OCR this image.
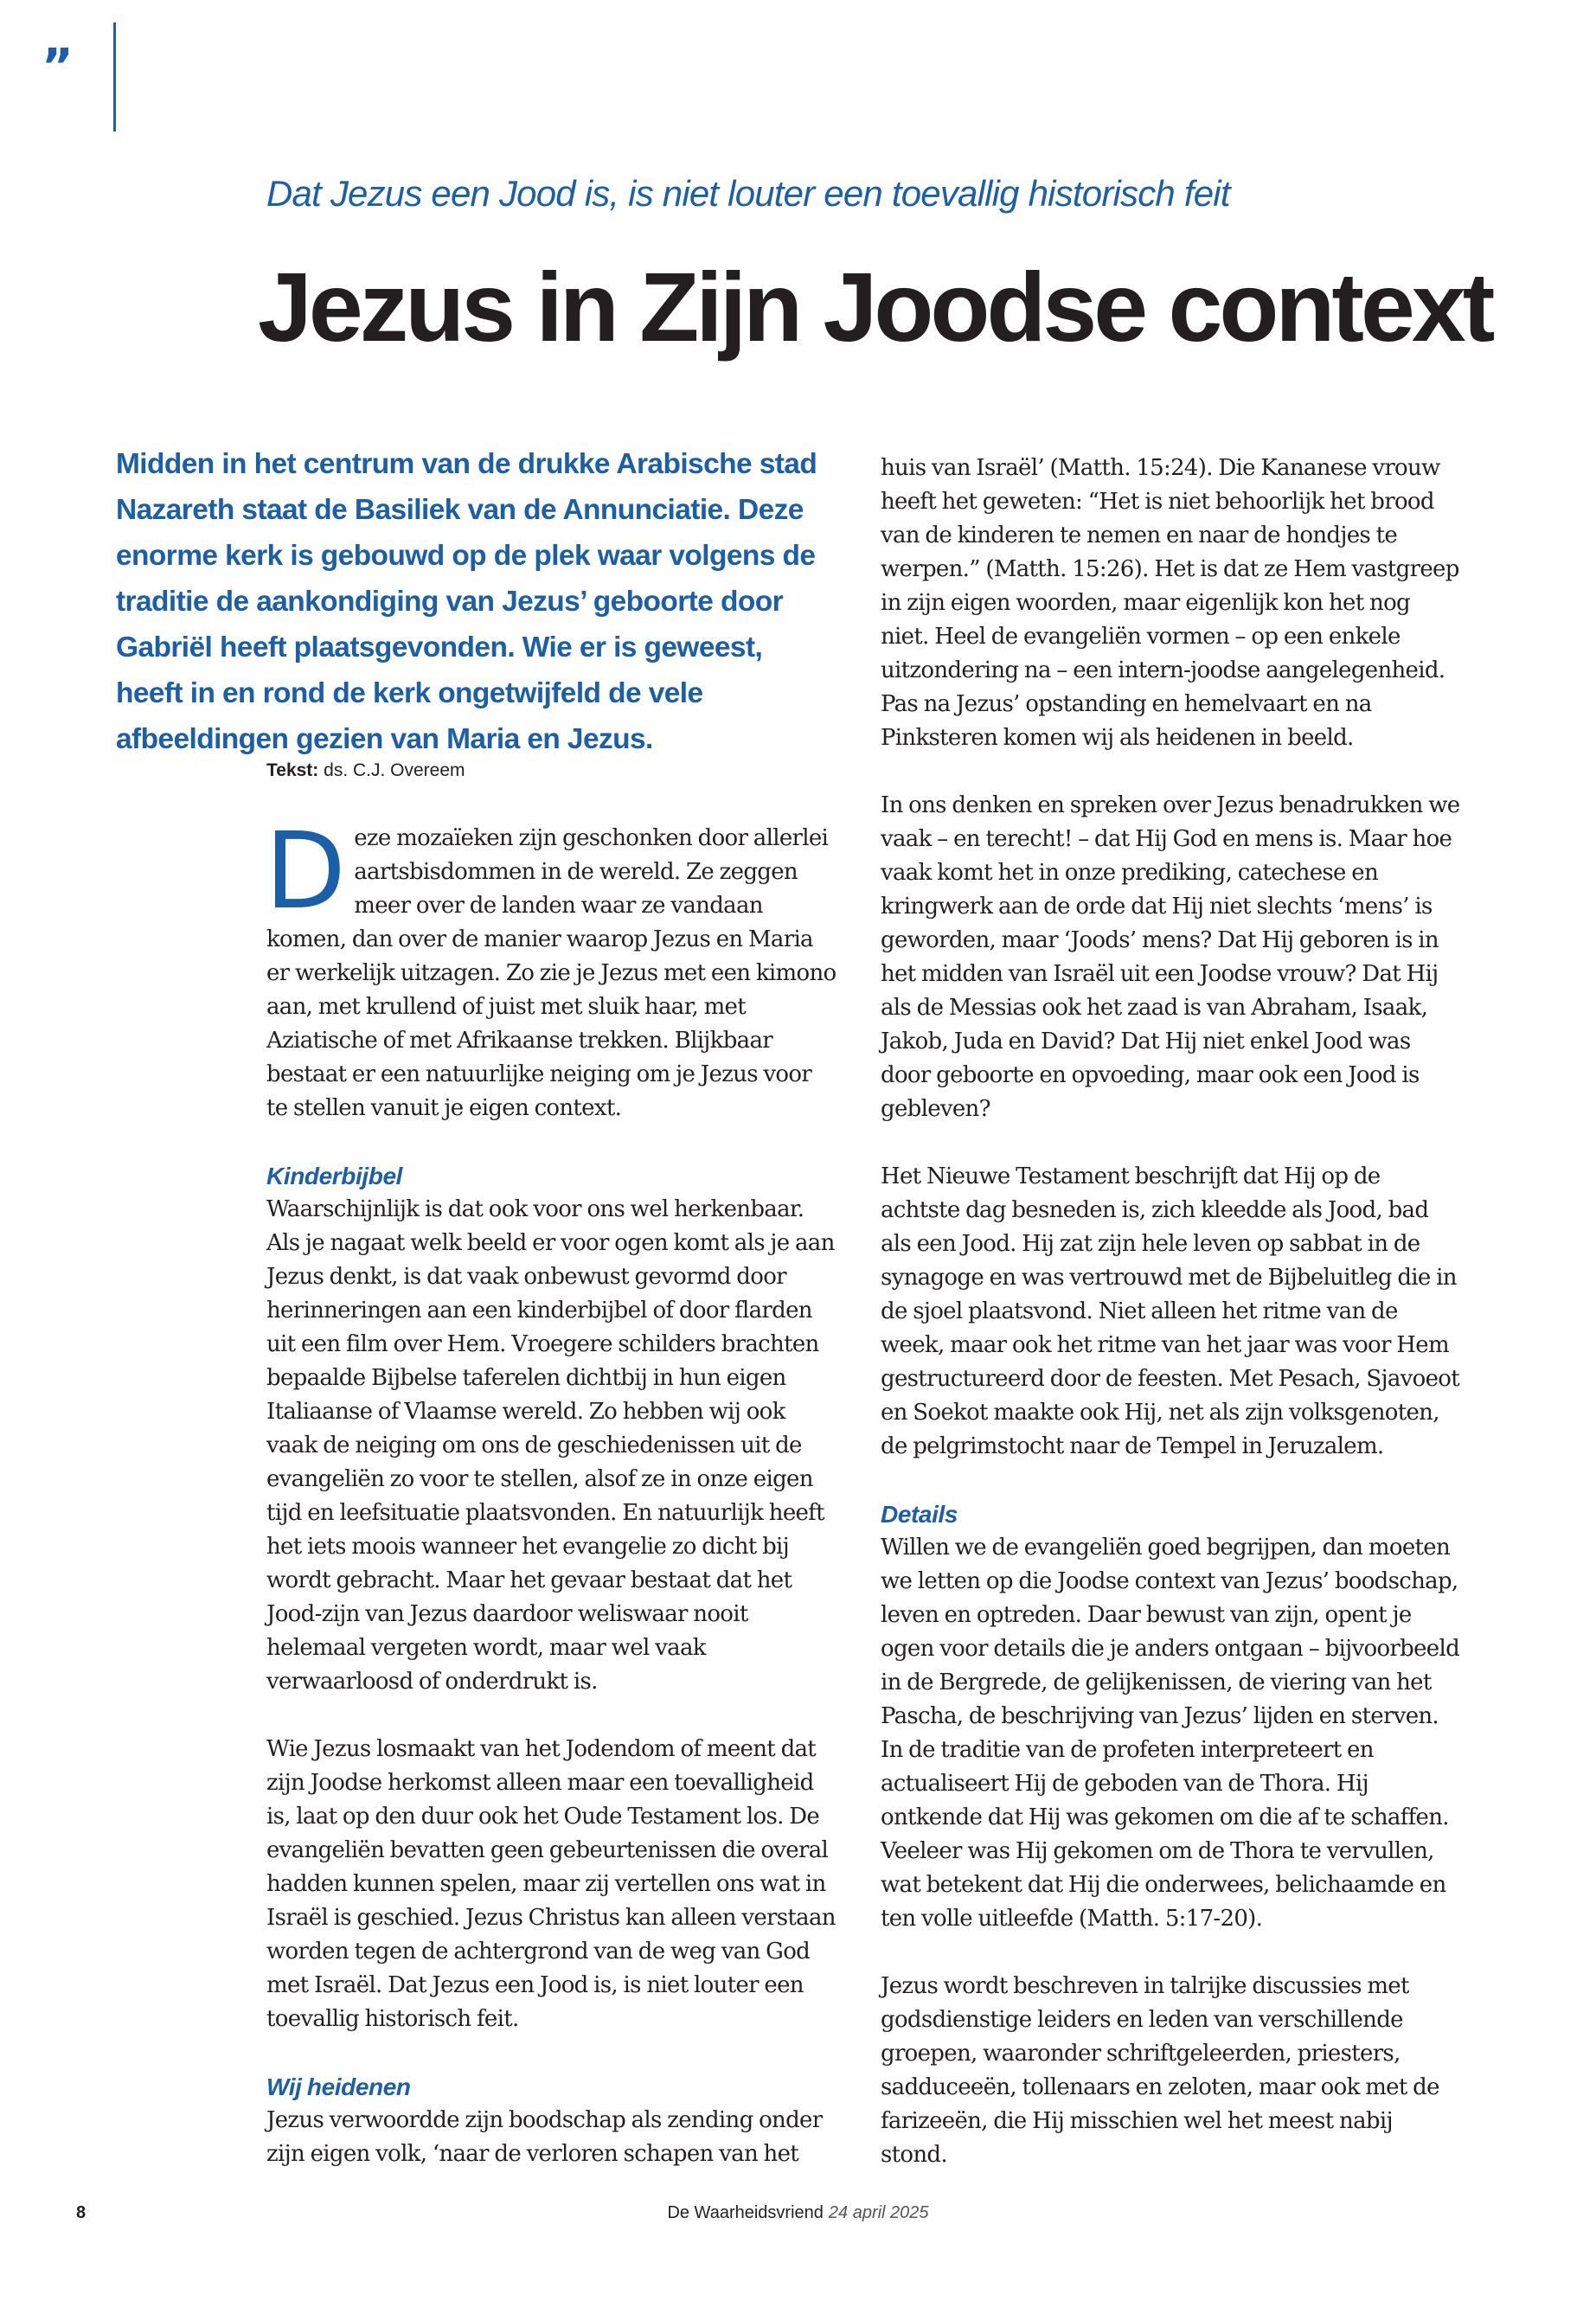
”
Dat Jezus een Jood is, is niet louter een toevallig historisch feit
Jezus in Zijn Joodse context

Midden in het centrum van de drukke Arabische stad Nazareth staat de Basiliek van de Annunciatie. Deze enorme kerk is gebouwd op de plek waar volgens de traditie de aankondiging van Jezus’ geboorte door Gabriël heeft plaatsgevonden. Wie er is geweest, heeft in en rond de kerk ongetwijfeld de vele afbeeldingen gezien van Maria en Jezus.

Tekst: ds. C.J. Overeem

Deze mozaïeken zijn geschonken door allerlei aartsbisdommen in de wereld. Ze zeggen meer over de landen waar ze vandaan komen, dan over de manier waarop Jezus en Maria er werkelijk uitzagen. Zo zie je Jezus met een kimono aan, met krullend of juist met sluik haar, met Aziatische of met Afrikaanse trekken. Blijkbaar bestaat er een natuurlijke neiging om je Jezus voor te stellen vanuit je eigen context.

Kinderbijbel

Waarschijnlijk is dat ook voor ons wel herkenbaar. Als je nagaat welk beeld er voor ogen komt als je aan Jezus denkt, is dat vaak onbewust gevormd door herinneringen aan een kinderbijbel of door flarden uit een film over Hem. Vroegere schilders brachten bepaalde Bijbelse taferelen dichtbij in hun eigen Italiaanse of Vlaamse wereld. Zo hebben wij ook vaak de neiging om ons de geschiedenissen uit de evangeliën zo voor te stellen, alsof ze in onze eigen tijd en leefsituatie plaatsvonden. En natuurlijk heeft het iets moois wanneer het evangelie zo dicht bij wordt gebracht. Maar het gevaar bestaat dat het Jood-zijn van Jezus daardoor weliswaar nooit helemaal vergeten wordt, maar wel vaak verwaarloosd of onderdrukt is.

Wie Jezus losmaakt van het Jodendom of meent dat zijn Joodse herkomst alleen maar een toevalligheid is, laat op den duur ook het Oude Testament los. De evangeliën bevatten geen gebeurtenissen die overal hadden kunnen spelen, maar zij vertellen ons wat in Israël is geschied. Jezus Christus kan alleen verstaan worden tegen de achtergrond van de weg van God met Israël. Dat Jezus een Jood is, is niet louter een toevallig historisch feit.

Wij heidenen

Jezus verwoordde zijn boodschap als zending onder zijn eigen volk, ‘naar de verloren schapen van het

huis van Israël’ (Matth. 15:24). Die Kananese vrouw heeft het geweten: “Het is niet behoorlijk het brood van de kinderen te nemen en naar de hondjes te werpen.” (Matth. 15:26). Het is dat ze Hem vastgreep in zijn eigen woorden, maar eigenlijk kon het nog niet. Heel de evangeliën vormen – op een enkele uitzondering na – een intern-joodse aangelegenheid. Pas na Jezus’ opstanding en hemelvaart en na Pinksteren komen wij als heidenen in beeld.

In ons denken en spreken over Jezus benadrukken we vaak – en terecht! – dat Hij God en mens is. Maar hoe vaak komt het in onze prediking, catechese en kringwerk aan de orde dat Hij niet slechts ‘mens’ is geworden, maar ‘Joods’ mens? Dat Hij geboren is in het midden van Israël uit een Joodse vrouw? Dat Hij als de Messias ook het zaad is van Abraham, Isaak, Jakob, Juda en David? Dat Hij niet enkel Jood was door geboorte en opvoeding, maar ook een Jood is gebleven?

Het Nieuwe Testament beschrijft dat Hij op de achtste dag besneden is, zich kleedde als Jood, bad als een Jood. Hij zat zijn hele leven op sabbat in de synagoge en was vertrouwd met de Bijbeluitleg die in de sjoel plaatsvond. Niet alleen het ritme van de week, maar ook het ritme van het jaar was voor Hem gestructureerd door de feesten. Met Pesach, Sjavoeot en Soekot maakte ook Hij, net als zijn volksgenoten, de pelgrimstocht naar de Tempel in Jeruzalem.

Details

Willen we de evangeliën goed begrijpen, dan moeten we letten op die Joodse context van Jezus’ boodschap, leven en optreden. Daar bewust van zijn, opent je ogen voor details die je anders ontgaan – bijvoorbeeld in de Bergrede, de gelijkenissen, de viering van het Pascha, de beschrijving van Jezus’ lijden en sterven. In de traditie van de profeten interpreteert en actualiseert Hij de geboden van de Thora. Hij ontkende dat Hij was gekomen om die af te schaffen. Veeleer was Hij gekomen om de Thora te vervullen, wat betekent dat Hij die onderwees, belichaamde en ten volle uitleefde (Matth. 5:17-20).

Jezus wordt beschreven in talrijke discussies met godsdienstige leiders en leden van verschillende groepen, waaronder schriftgeleerden, priesters, sadduceeën, tollenaars en zeloten, maar ook met de farizeeën, die Hij misschien wel het meest nabij stond.

8	De Waarheidsvriend 24 april 2025
